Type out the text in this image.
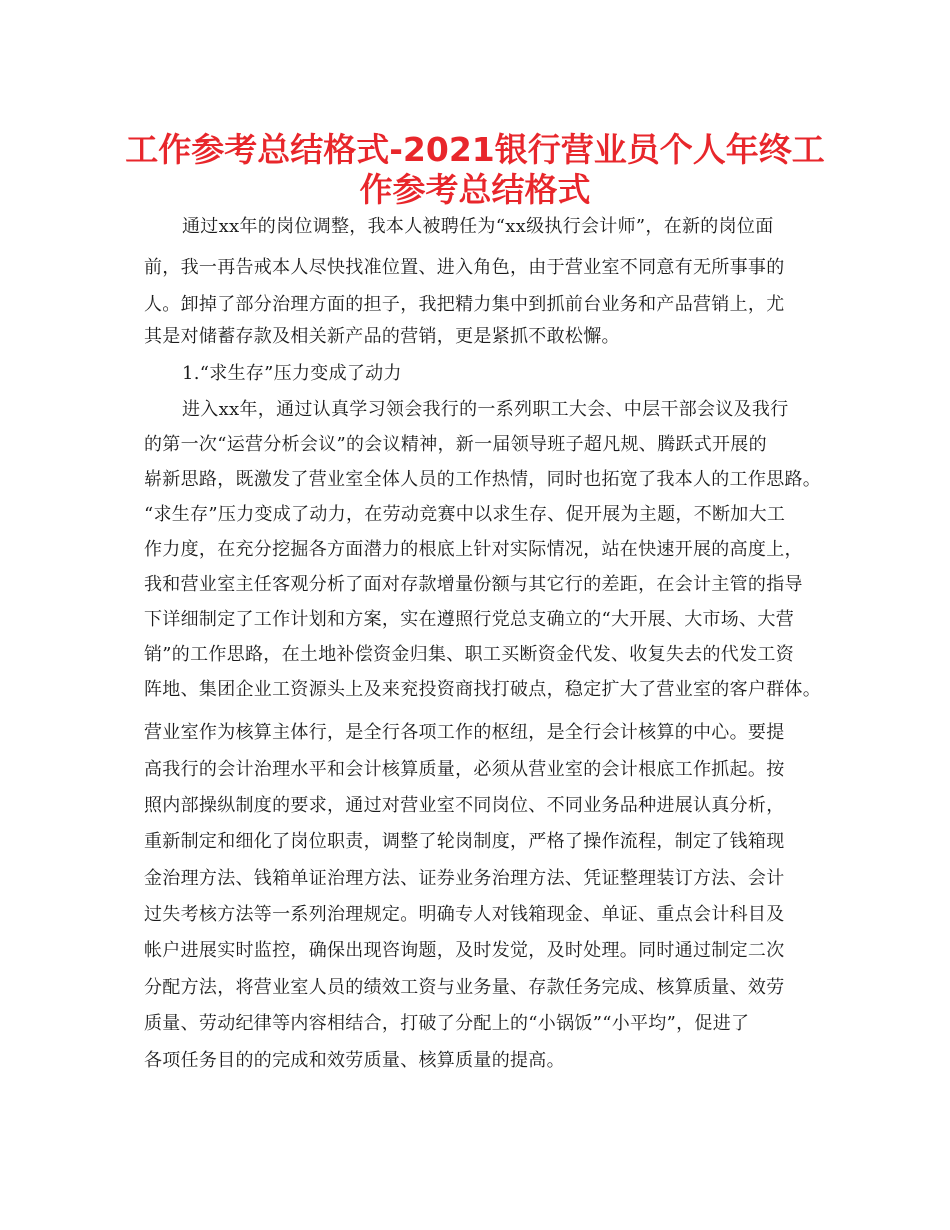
工作参考总结格式-2021银行营业员个人年终工
作参考总结格式
通过xx年的岗位调整，我本人被聘任为“xx级执行会计师”，在新的岗位面
前，我一再告戒本人尽快找准位置、进入角色，由于营业室不同意有无所事事的
人。卸掉了部分治理方面的担子，我把精力集中到抓前台业务和产品营销上，尤
其是对储蓄存款及相关新产品的营销，更是紧抓不敢松懈。
1.“求生存”压力变成了动力
进入xx年，通过认真学习领会我行的一系列职工大会、中层干部会议及我行
的第一次“运营分析会议”的会议精神，新一届领导班子超凡规、腾跃式开展的
崭新思路，既激发了营业室全体人员的工作热情，同时也拓宽了我本人的工作思路。
“求生存”压力变成了动力，在劳动竞赛中以求生存、促开展为主题，不断加大工
作力度，在充分挖掘各方面潜力的根底上针对实际情况，站在快速开展的高度上，
我和营业室主任客观分析了面对存款增量份额与其它行的差距，在会计主管的指导
下详细制定了工作计划和方案，实在遵照行党总支确立的“大开展、大市场、大营
销”的工作思路，在土地补偿资金归集、职工买断资金代发、收复失去的代发工资
阵地、集团企业工资源头上及来兖投资商找打破点，稳定扩大了营业室的客户群体。
营业室作为核算主体行，是全行各项工作的枢纽，是全行会计核算的中心。要提
高我行的会计治理水平和会计核算质量，必须从营业室的会计根底工作抓起。按
照内部操纵制度的要求，通过对营业室不同岗位、不同业务品种进展认真分析，
重新制定和细化了岗位职责，调整了轮岗制度，严格了操作流程，制定了钱箱现
金治理方法、钱箱单证治理方法、证券业务治理方法、凭证整理装订方法、会计
过失考核方法等一系列治理规定。明确专人对钱箱现金、单证、重点会计科目及
帐户进展实时监控，确保出现咨询题，及时发觉，及时处理。同时通过制定二次
分配方法，将营业室人员的绩效工资与业务量、存款任务完成、核算质量、效劳
质量、劳动纪律等内容相结合，打破了分配上的“小锅饭”“小平均”，促进了
各项任务目的的完成和效劳质量、核算质量的提高。
